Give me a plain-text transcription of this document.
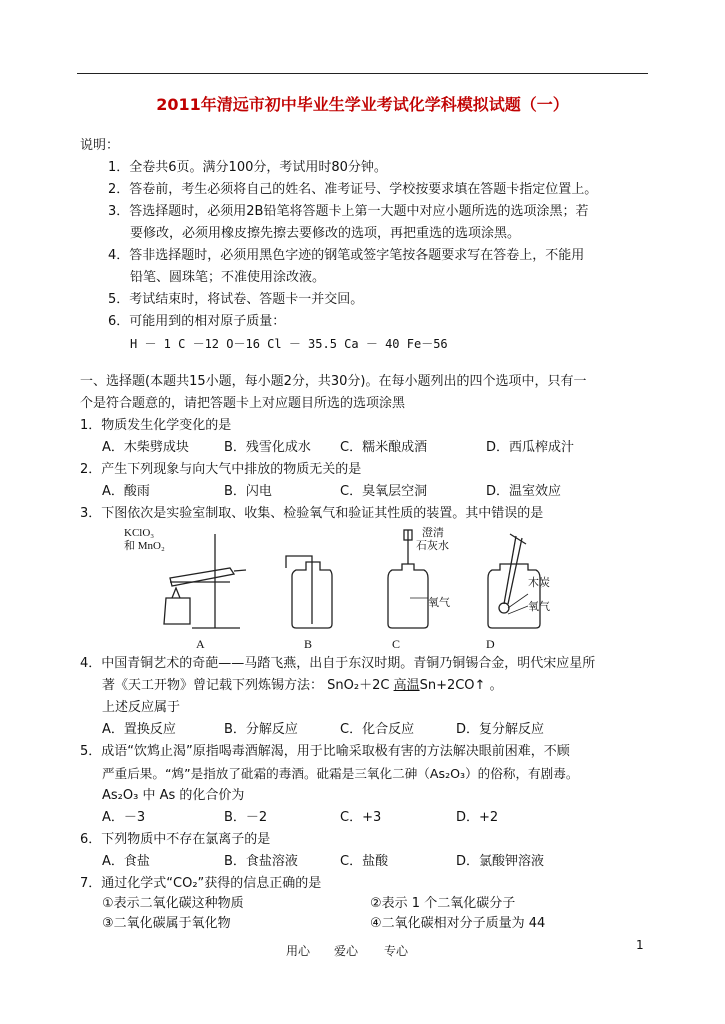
2011年清远市初中毕业生学业考试化学科模拟试题（一）
说明：
1．全卷共6页。满分100分，考试用时80分钟。
2．答卷前，考生必须将自己的姓名、准考证号、学校按要求填在答题卡指定位置上。
3．答选择题时，必须用2B铅笔将答题卡上第一大题中对应小题所选的选项涂黑；若
要修改，必须用橡皮擦先擦去要修改的选项，再把重选的选项涂黑。
4．答非选择题时，必须用黑色字迹的钢笔或签字笔按各题要求写在答卷上，不能用
铅笔、圆珠笔；不准使用涂改液。
5．考试结束时，将试卷、答题卡一并交回。
6．可能用到的相对原子质量：
H － 1 C －12 O－16 Cl － 35.5 Ca － 40 Fe－56
一、选择题(本题共15小题，每小题2分，共30分)。在每小题列出的四个选项中，只有一
个是符合题意的，请把答题卡上对应题目所选的选项涂黑
1．物质发生化学变化的是
A．木柴劈成块	B．残雪化成水 C．糯米酿成酒	D．西瓜榨成汁
2．产生下列现象与向大气中排放的物质无关的是
A．酸雨	B．闪电	C．臭氧层空洞	D．温室效应
3．下图依次是实验室制取、收集、检验氧气和验证其性质的装置。其中错误的是
KClO₃
和 MnO₂
澄清
石灰水
氧气
木炭
氧气
A	B	C	D
4．中国青铜艺术的奇葩——马踏飞燕，出自于东汉时期。青铜乃铜锡合金，明代宋应星所
著《天工开物》曾记载下列炼锡方法： SnO₂＋2C 高温Sn+2CO↑ 。
上述反应属于
A．置换反应	B．分解反应	C．化合反应	D．复分解反应
5．成语“饮鸩止渴”原指喝毒酒解渴，用于比喻采取极有害的方法解决眼前困难，不顾
严重后果。“鸩”是指放了砒霜的毒酒。砒霜是三氧化二砷（As₂O₃）的俗称，有剧毒。
As₂O₃ 中 As 的化合价为
A．－3	B．－2	C．+3	D．+2
6．下列物质中不存在氯离子的是
A．食盐	B．食盐溶液	C．盐酸	D．氯酸钾溶液
7．通过化学式“CO₂”获得的信息正确的是
①表示二氧化碳这种物质	②表示 1 个二氧化碳分子
③二氧化碳属于氧化物	④二氧化碳相对分子质量为 44
用心 爱心 专心	1
